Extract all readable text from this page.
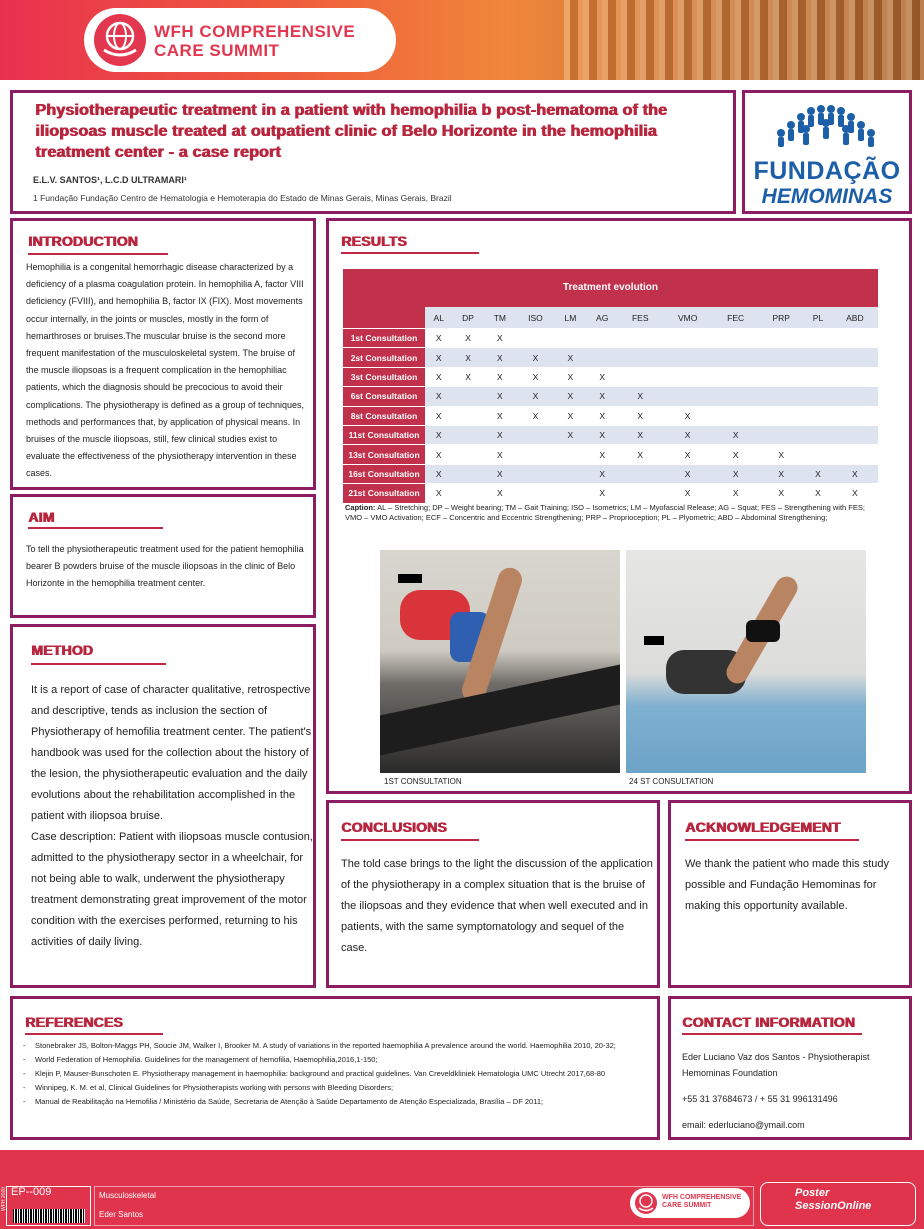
WFH COMPREHENSIVE
CARE SUMMIT
Physiotherapeutic treatment in a patient with hemophilia b post-hematoma of the iliopsoas muscle treated at outpatient clinic of Belo Horizonte in the hemophilia treatment center - a case report
E.L.V. SANTOS¹, L.C.D ULTRAMARI¹
1 Fundação Fundação Centro de Hematologia e Hemoterapia do Estado de Minas Gerais, Minas Gerais, Brazil
FUNDAÇÃO
HEMOMINAS
INTRODUCTION
Hemophilia is a congenital hemorrhagic disease characterized by a deficiency of a plasma coagulation protein. In hemophilia A, factor VIII deficiency (FVIII), and hemophilia B, factor IX (FIX). Most movements occur internally, in the joints or muscles, mostly in the form of hemarthroses or bruises.The muscular bruise is the second more frequent manifestation of the musculoskeletal system. The bruise of the muscle iliopsoas is a frequent complication in the hemophiliac patients, which the diagnosis should be precocious to avoid their complications. The physiotherapy is defined as a group of techniques, methods and performances that, by application of physical means. In bruises of the muscle iliopsoas, still, few clinical studies exist to evaluate the effectiveness of the physiotherapy intervention in these cases.
AIM
To tell the physiotherapeutic treatment used for the patient hemophilia bearer B powders bruise of the muscle iliopsoas in the clinic of Belo Horizonte in the hemophilia treatment center.
METHOD
It is a report of case of character qualitative, retrospective and descriptive, tends as inclusion the section of Physiotherapy of hemofilia treatment center. The patient's handbook was used for the collection about the history of the lesion, the physiotherapeutic evaluation and the daily evolutions about the rehabilitation accomplished in the patient with iliopsoa bruise.
Case description: Patient with iliopsoas muscle contusion, admitted to the physiotherapy sector in a wheelchair, for not being able to walk, underwent the physiotherapy treatment demonstrating great improvement of the motor condition with the exercises performed, returning to his activities of daily living.
RESULTS
Treatment evolution
	AL	DP	TM	ISO	LM	AG	FES	VMO	FEC	PRP	PL	ABD
1st Consultation	X	X	X									
2st Consultation	X	X	X	X	X							
3st Consultation	X	X	X	X	X	X						
6st Consultation	X		X	X	X	X	X					
8st Consultation	X		X	X	X	X	X	X				
11st Consultation	X		X		X	X	X	X	X			
13st Consultation	X		X			X	X	X	X	X		
16st Consultation	X		X			X		X	X	X	X	X
21st Consultation	X		X			X		X	X	X	X	X
Caption: AL – Stretching; DP – Weight bearing; TM – Gait Training; ISO – Isometrics; LM – Myofascial Release; AG – Squat; FES – Strengthening with FES; VMO – VMO Activation; ECF – Concentric and Eccentric Strengthening; PRP – Proprioception; PL – Plyometric; ABD – Abdominal Strengthening;
1ST CONSULTATION	24 ST CONSULTATION
CONCLUSIONS
The told case brings to the light the discussion of the application of the physiotherapy in a complex situation that is the bruise of the iliopsoas and they evidence that when well executed and in patients, with the same symptomatology and sequel of the case.
ACKNOWLEDGEMENT
We thank the patient who made this study possible and Fundação Hemominas for making this opportunity available.
REFERENCES
-	Stonebraker JS, Bolton-Maggs PH, Soucie JM, Walker I, Brooker M. A study of variations in the reported haemophilia A prevalence around the world. Haemophilia 2010, 20-32;
-	World Federation of Hemophilia. Guidelines for the management of hemofilia, Haemophilia,2016,1-150;
-	Klejin P, Mauser-Bunschoten E. Physiotherapy management in haemophilia: background and practical guidelines. Van Creveldkliniek Hematologia UMC Utrecht 2017,68-80
-	Winnipeg, K. M. et al, Clinical Guidelines for Physiotherapists working with persons with Bleeding Disorders;
-	Manual de Reabilitação na Hemofilia / Ministério da Saúde, Secretaria de Atenção à Saúde Departamento de Atenção Especializada, Brasília – DF 2011;
CONTACT INFORMATION
Eder Luciano Vaz dos Santos - Physiotherapist
Hemominas Foundation
+55 31 37684673 / + 55 31 996131496
email: ederluciano@ymail.com
EP--009
WFH 2020	Musculoskeletal
Eder Santos
WFH COMPREHENSIVE
CARE SUMMIT
Poster
SessionOnline
